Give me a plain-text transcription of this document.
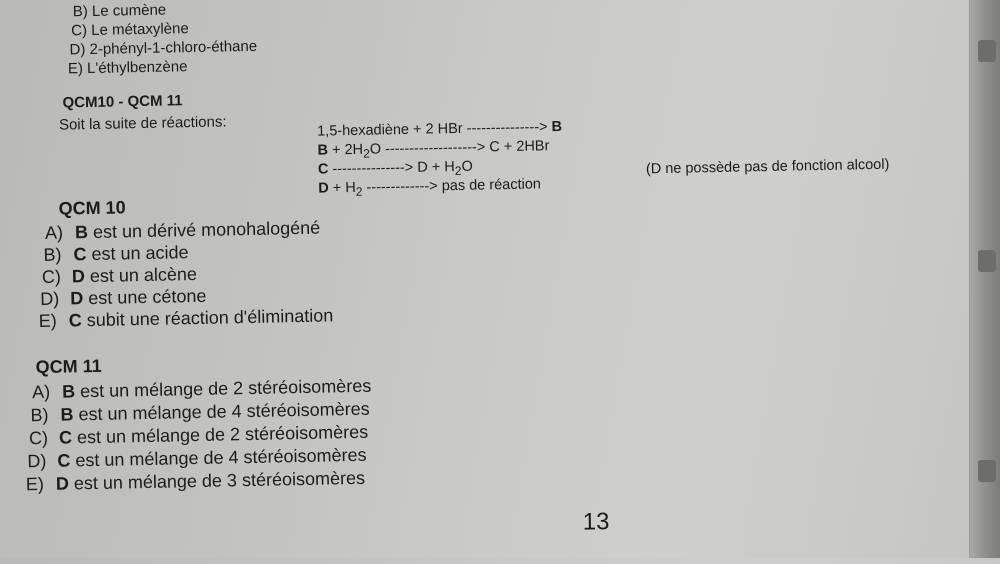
B) Le cumène
C) Le métaxylène
D) 2-phényl-1-chloro-éthane
E) L'éthylbenzène
QCM10 - QCM 11
Soit la suite de réactions:	1,5-hexadiène + 2 HBr ---------------> B
$B + 2H_2O$ -------------------> C + 2HBr
C ---------------> $D + H_2O$	(D ne possède pas de fonction alcool)
$D + H_2$ -------------> pas de réaction
QCM 10
A) B est un dérivé monohalogéné
B) C est un acide
C) D est un alcène
D) D est une cétone
E) C subit une réaction d'élimination
QCM 11
A) B est un mélange de 2 stéréoisomères
B) B est un mélange de 4 stéréoisomères
C) C est un mélange de 2 stéréoisomères
D) C est un mélange de 4 stéréoisomères
E) D est un mélange de 3 stéréoisomères
13
